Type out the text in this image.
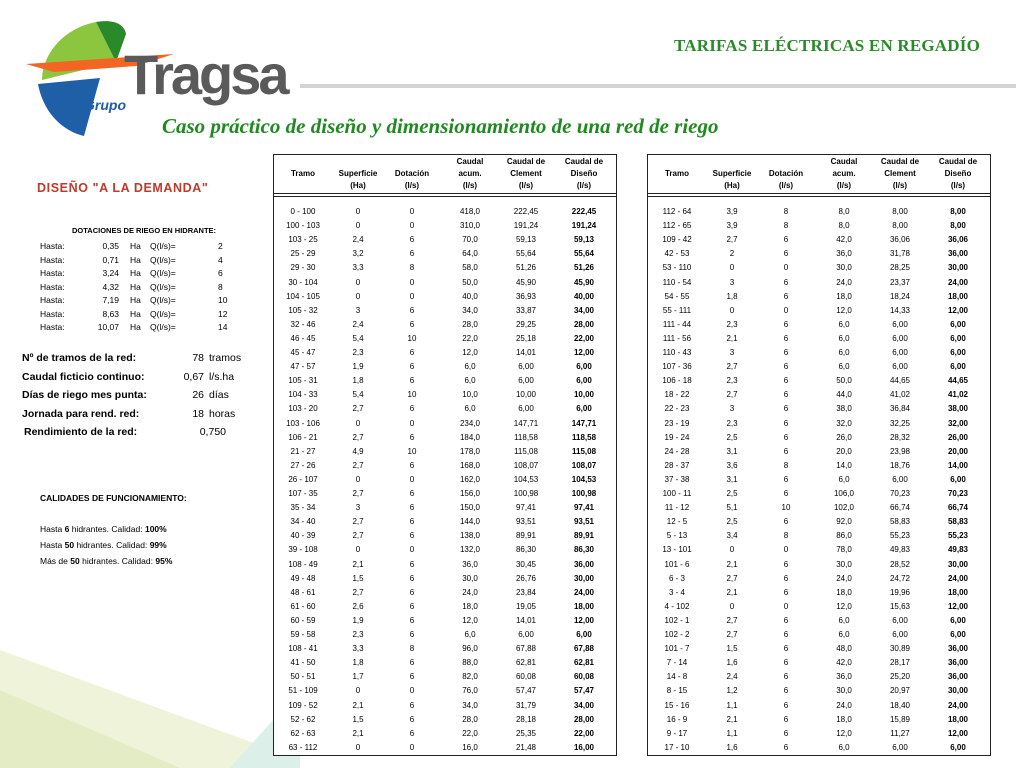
Tragsa
Grupo
TARIFAS ELÉCTRICAS EN REGADÍO
Caso práctico de diseño y dimensionamiento de una red de riego
DISEÑO "A LA DEMANDA"
DOTACIONES DE RIEGO EN HIDRANTE:
Hasta:	0,35 Ha Q(l/s)=	2
Hasta:	0,71 Ha Q(l/s)=	4
Hasta:	3,24 Ha Q(l/s)=	6
Hasta:	4,32 Ha Q(l/s)=	8
Hasta:	7,19 Ha Q(l/s)=	10
Hasta:	8,63 Ha Q(l/s)=	12
Hasta:	10,07 Ha Q(l/s)=	14
Nº de tramos de la red:	78 tramos
Caudal ficticio continuo:	0,67 l/s.ha
Días de riego mes punta:	26 días
Jornada para rend. red:	18 horas
Rendimiento de la red:	0,750
CALIDADES DE FUNCIONAMIENTO:
Hasta 6 hidrantes. Calidad: 100%
Hasta 50 hidrantes. Calidad: 99%
Más de 50 hidrantes. Calidad: 95%
Tramo	Superficie
(Ha)
Dotación
(l/s)
Caudal
acum.
(l/s)
Caudal de
Clement
(l/s)
Caudal de
Diseño
(l/s)
0 - 100	0	0	418,0	222,45	222,45
100 - 103	0	0	310,0	191,24	191,24
103 - 25	2,4	6	70,0	59,13	59,13
25 - 29	3,2	6	64,0	55,64	55,64
29 - 30	3,3	8	58,0	51,26	51,26
30 - 104	0	0	50,0	45,90	45,90
104 - 105	0	0	40,0	36,93	40,00
105 - 32	3	6	34,0	33,87	34,00
32 - 46	2,4	6	28,0	29,25	28,00
46 - 45	5,4	10	22,0	25,18	22,00
45 - 47	2,3	6	12,0	14,01	12,00
47 - 57	1,9	6	6,0	6,00	6,00
105 - 31	1,8	6	6,0	6,00	6,00
104 - 33	5,4	10	10,0	10,00	10,00
103 - 20	2,7	6	6,0	6,00	6,00
103 - 106	0	0	234,0	147,71	147,71
106 - 21	2,7	6	184,0	118,58	118,58
21 - 27	4,9	10	178,0	115,08	115,08
27 - 26	2,7	6	168,0	108,07	108,07
26 - 107	0	0	162,0	104,53	104,53
107 - 35	2,7	6	156,0	100,98	100,98
35 - 34	3	6	150,0	97,41	97,41
34 - 40	2,7	6	144,0	93,51	93,51
40 - 39	2,7	6	138,0	89,91	89,91
39 - 108	0	0	132,0	86,30	86,30
108 - 49	2,1	6	36,0	30,45	36,00
49 - 48	1,5	6	30,0	26,76	30,00
48 - 61	2,7	6	24,0	23,84	24,00
61 - 60	2,6	6	18,0	19,05	18,00
60 - 59	1,9	6	12,0	14,01	12,00
59 - 58	2,3	6	6,0	6,00	6,00
108 - 41	3,3	8	96,0	67,88	67,88
41 - 50	1,8	6	88,0	62,81	62,81
50 - 51	1,7	6	82,0	60,08	60,08
51 - 109	0	0	76,0	57,47	57,47
109 - 52	2,1	6	34,0	31,79	34,00
52 - 62	1,5	6	28,0	28,18	28,00
62 - 63	2,1	6	22,0	25,35	22,00
63 - 112	0	0	16,0	21,48	16,00
Tramo	Superficie
(Ha)
Dotación
(l/s)
Caudal
acum.
(l/s)
Caudal de
Clement
(l/s)
Caudal de
Diseño
(l/s)
112 - 64	3,9	8	8,0	8,00	8,00
112 - 65	3,9	8	8,0	8,00	8,00
109 - 42	2,7	6	42,0	36,06	36,06
42 - 53	2	6	36,0	31,78	36,00
53 - 110	0	0	30,0	28,25	30,00
110 - 54	3	6	24,0	23,37	24,00
54 - 55	1,8	6	18,0	18,24	18,00
55 - 111	0	0	12,0	14,33	12,00
111 - 44	2,3	6	6,0	6,00	6,00
111 - 56	2,1	6	6,0	6,00	6,00
110 - 43	3	6	6,0	6,00	6,00
107 - 36	2,7	6	6,0	6,00	6,00
106 - 18	2,3	6	50,0	44,65	44,65
18 - 22	2,7	6	44,0	41,02	41,02
22 - 23	3	6	38,0	36,84	38,00
23 - 19	2,3	6	32,0	32,25	32,00
19 - 24	2,5	6	26,0	28,32	26,00
24 - 28	3,1	6	20,0	23,98	20,00
28 - 37	3,6	8	14,0	18,76	14,00
37 - 38	3,1	6	6,0	6,00	6,00
100 - 11	2,5	6	106,0	70,23	70,23
11 - 12	5,1	10	102,0	66,74	66,74
12 - 5	2,5	6	92,0	58,83	58,83
5 - 13	3,4	8	86,0	55,23	55,23
13 - 101	0	0	78,0	49,83	49,83
101 - 6	2,1	6	30,0	28,52	30,00
6 - 3	2,7	6	24,0	24,72	24,00
3 - 4	2,1	6	18,0	19,96	18,00
4 - 102	0	0	12,0	15,63	12,00
102 - 1	2,7	6	6,0	6,00	6,00
102 - 2	2,7	6	6,0	6,00	6,00
101 - 7	1,5	6	48,0	30,89	36,00
7 - 14	1,6	6	42,0	28,17	36,00
14 - 8	2,4	6	36,0	25,20	36,00
8 - 15	1,2	6	30,0	20,97	30,00
15 - 16	1,1	6	24,0	18,40	24,00
16 - 9	2,1	6	18,0	15,89	18,00
9 - 17	1,1	6	12,0	11,27	12,00
17 - 10	1,6	6	6,0	6,00	6,00
